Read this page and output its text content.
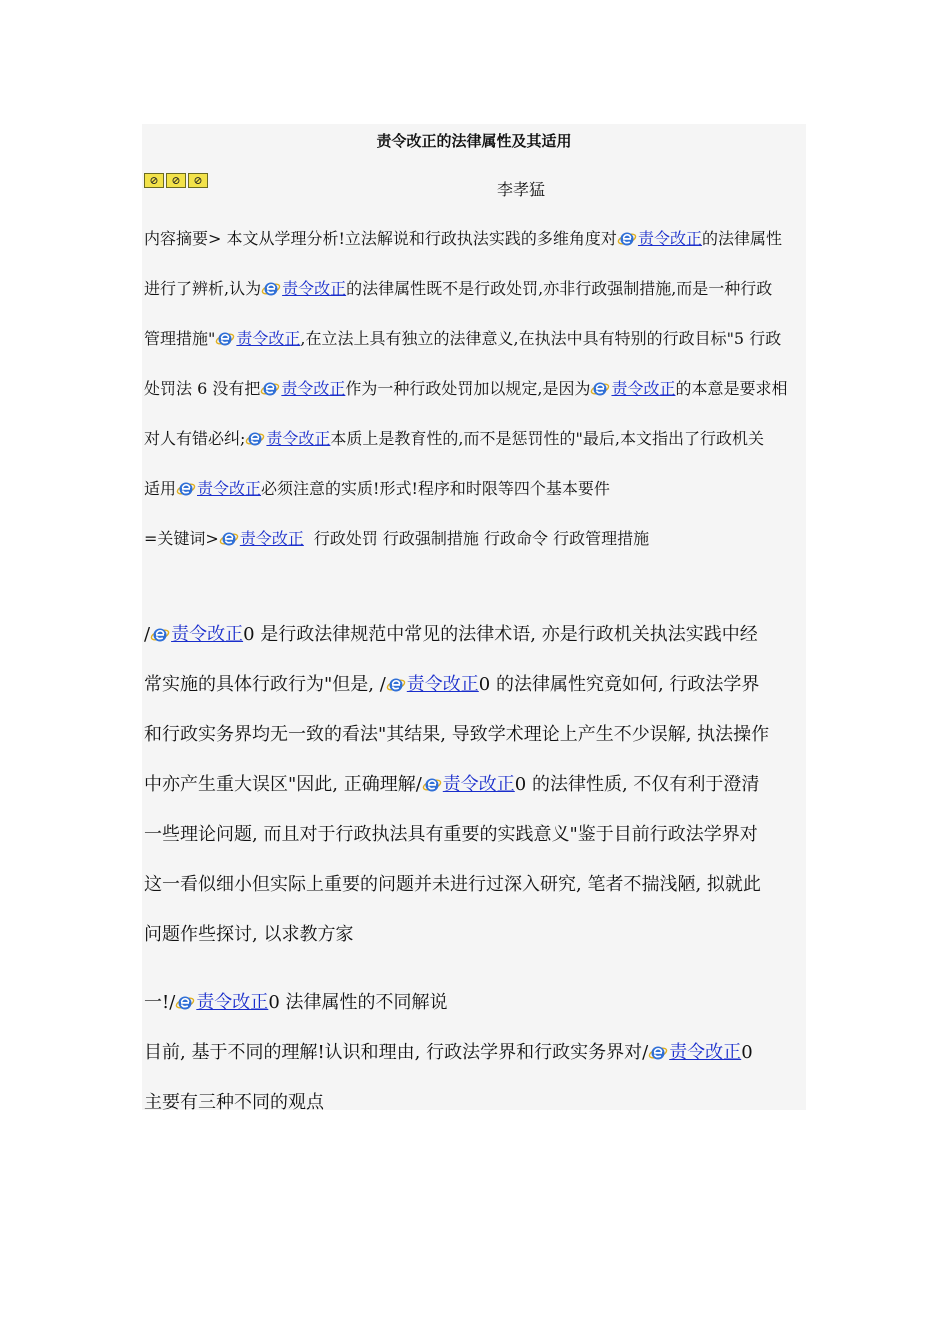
责令改正的法律属性及其适用
⊘	⊘	⊘	李孝猛
内容摘要> 本文从学理分析!立法解说和行政执法实践的多维角度对 责令改正的法律属性
进行了辨析,认为 责令改正的法律属性既不是行政处罚,亦非行政强制措施,而是一种行政
管理措施" 责令改正,在立法上具有独立的法律意义,在执法中具有特别的行政目标"5 行政
处罚法 6 没有把 责令改正作为一种行政处罚加以规定,是因为 责令改正的本意是要求相
对人有错必纠; 责令改正本质上是教育性的,而不是惩罚性的"最后,本文指出了行政机关
适用 责令改正必须注意的实质!形式!程序和时限等四个基本要件
=关键词> 责令改正 行政处罚 行政强制措施 行政命令 行政管理措施
/ 责令改正0 是行政法律规范中常见的法律术语, 亦是行政机关执法实践中经
常实施的具体行政行为"但是, / 责令改正0 的法律属性究竟如何, 行政法学界
和行政实务界均无一致的看法"其结果, 导致学术理论上产生不少误解, 执法操作
中亦产生重大误区"因此, 正确理解/ 责令改正0 的法律性质, 不仅有利于澄清
一些理论问题, 而且对于行政执法具有重要的实践意义"鉴于目前行政法学界对
这一看似细小但实际上重要的问题并未进行过深入研究, 笔者不揣浅陋, 拟就此
问题作些探讨, 以求教方家
一!/ 责令改正0 法律属性的不同解说
目前, 基于不同的理解!认识和理由, 行政法学界和行政实务界对/ 责令改正0
主要有三种不同的观点
